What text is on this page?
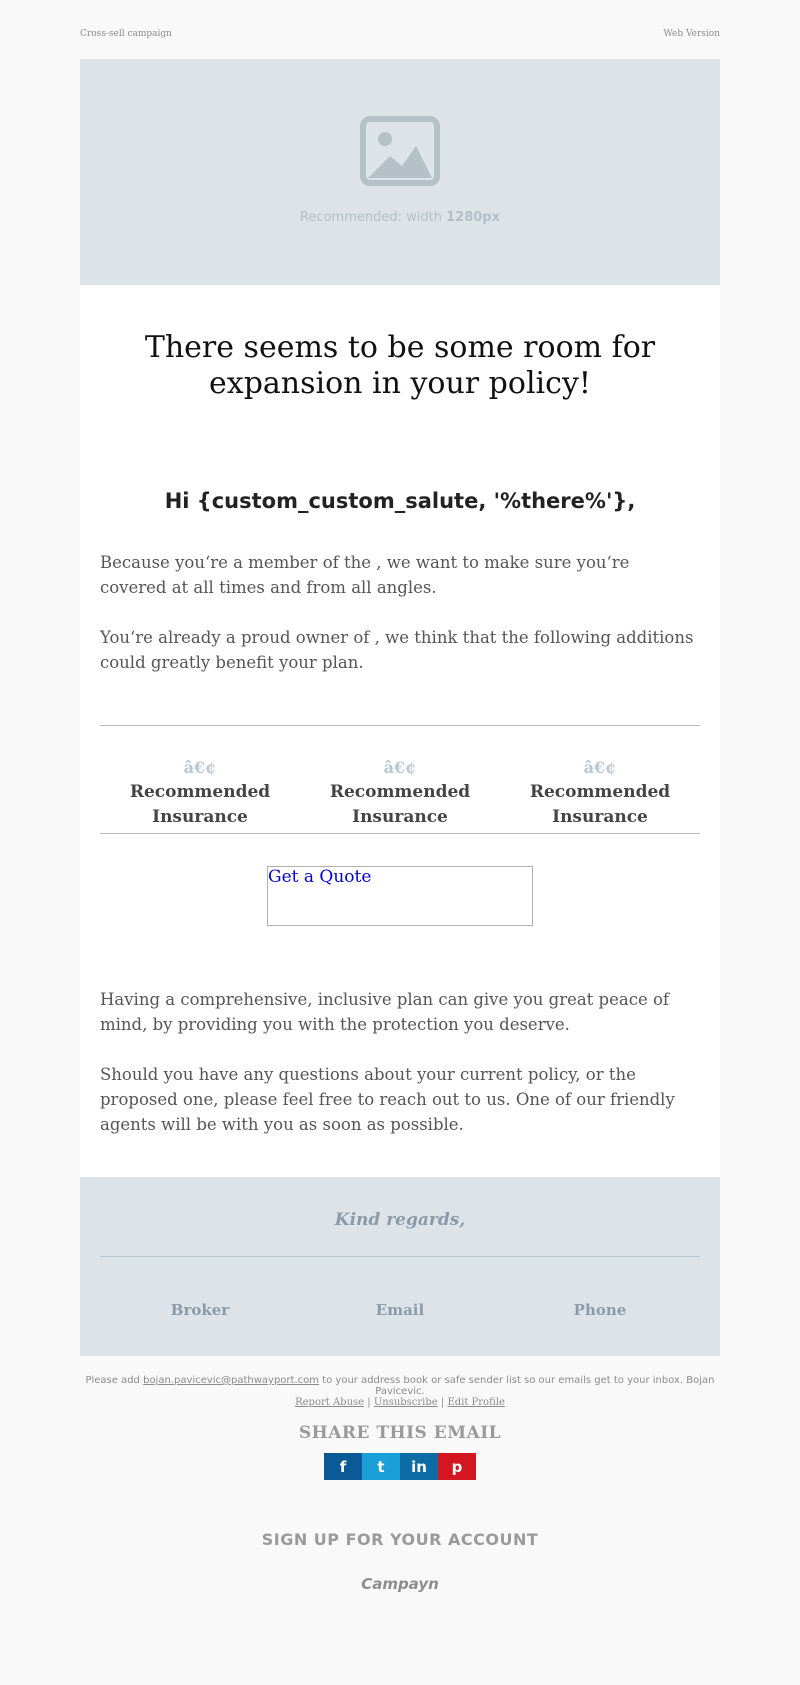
Cross-sell campaign	Web Version
Recommended: width 1280px
There seems to be some room for expansion in your policy!
Hi {custom_custom_salute, '%there%'},

Because you‘re a member of the , we want to make sure you‘re covered at all times and from all angles.

You‘re already a proud owner of , we think that the following additions could greatly benefit your plan.

â€¢
Recommended Insurance
â€¢
Recommended Insurance
â€¢
Recommended Insurance
Get a Quote

Having a comprehensive, inclusive plan can give you great peace of mind, by providing you with the protection you deserve.

Should you have any questions about your current policy, or the proposed one, please feel free to reach out to us. One of our friendly agents will be with you as soon as possible.

Kind regards,
Broker	Email	Phone
Please add bojan.pavicevic@pathwayport.com to your address book or safe sender list so our emails get to your inbox. Bojan Pavicevic.
Report Abuse | Unsubscribe | Edit Profile
SHARE THIS EMAIL
f	t	in	p
SIGN UP FOR YOUR ACCOUNT
Campayn
